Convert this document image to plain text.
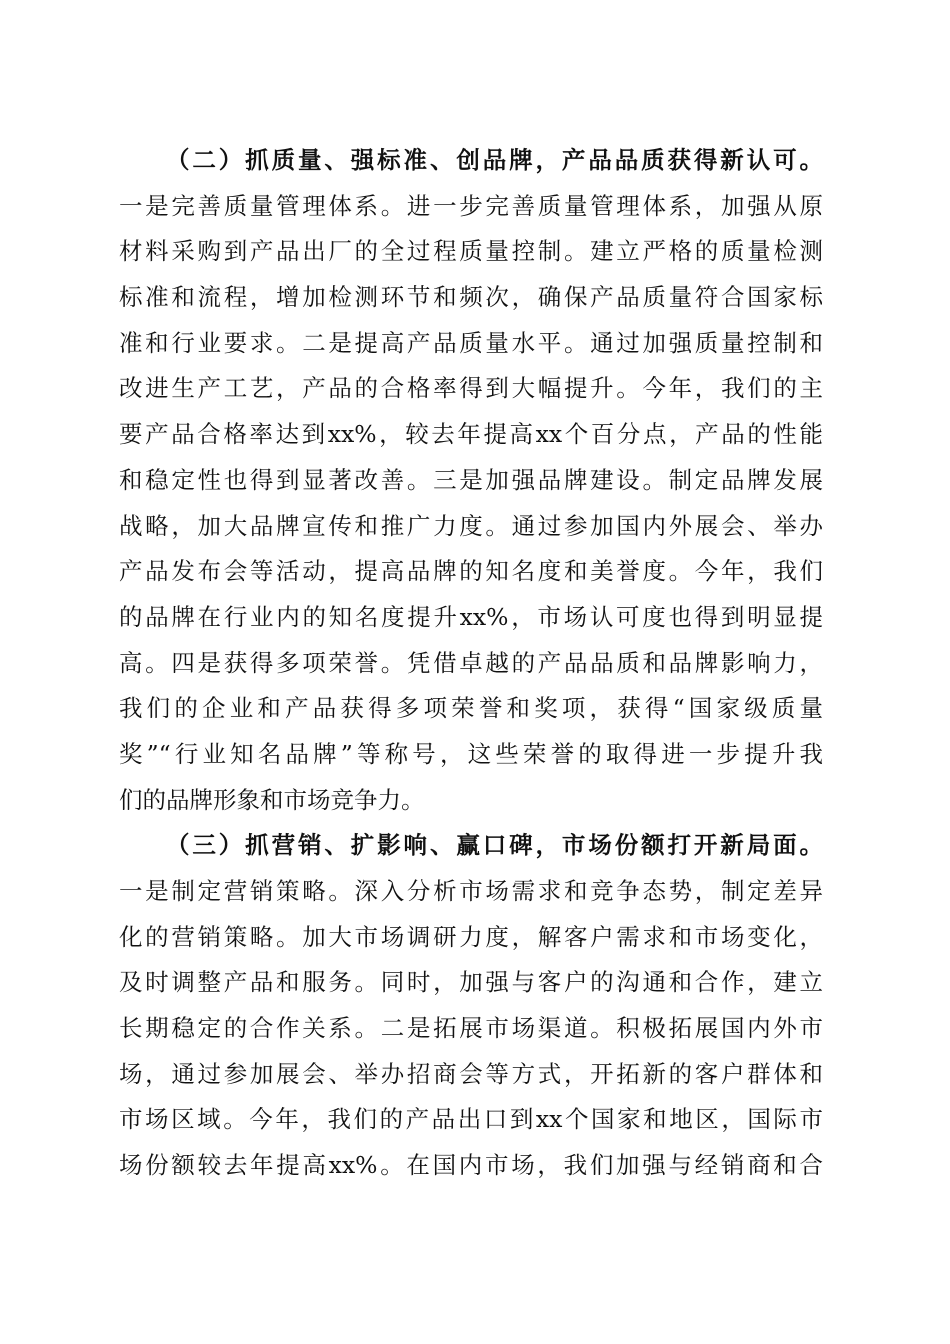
（二）抓质量、强标准、创品牌，产品品质获得新认可。
一是完善质量管理体系。进一步完善质量管理体系，加强从原
材料采购到产品出厂的全过程质量控制。建立严格的质量检测
标准和流程，增加检测环节和频次，确保产品质量符合国家标
准和行业要求。二是提高产品质量水平。通过加强质量控制和
改进生产工艺，产品的合格率得到大幅提升。今年，我们的主
要产品合格率达到xx%，较去年提高xx个百分点，产品的性能
和稳定性也得到显著改善。三是加强品牌建设。制定品牌发展
战略，加大品牌宣传和推广力度。通过参加国内外展会、举办
产品发布会等活动，提高品牌的知名度和美誉度。今年，我们
的品牌在行业内的知名度提升xx%，市场认可度也得到明显提
高。四是获得多项荣誉。凭借卓越的产品品质和品牌影响力，
我们的企业和产品获得多项荣誉和奖项，获得“国家级质量
奖”“行业知名品牌”等称号，这些荣誉的取得进一步提升我
们的品牌形象和市场竞争力。
（三）抓营销、扩影响、赢口碑，市场份额打开新局面。
一是制定营销策略。深入分析市场需求和竞争态势，制定差异
化的营销策略。加大市场调研力度，解客户需求和市场变化，
及时调整产品和服务。同时，加强与客户的沟通和合作，建立
长期稳定的合作关系。二是拓展市场渠道。积极拓展国内外市
场，通过参加展会、举办招商会等方式，开拓新的客户群体和
市场区域。今年，我们的产品出口到xx个国家和地区，国际市
场份额较去年提高xx%。在国内市场，我们加强与经销商和合
